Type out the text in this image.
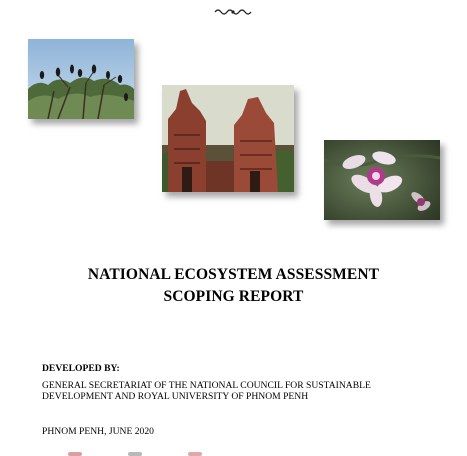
NATIONAL ECOSYSTEM ASSESSMENT
SCOPING REPORT
DEVELOPED BY:
GENERAL SECRETARIAT OF THE NATIONAL COUNCIL FOR SUSTAINABLE
DEVELOPMENT AND ROYAL UNIVERSITY OF PHNOM PENH
PHNOM PENH, JUNE 2020
